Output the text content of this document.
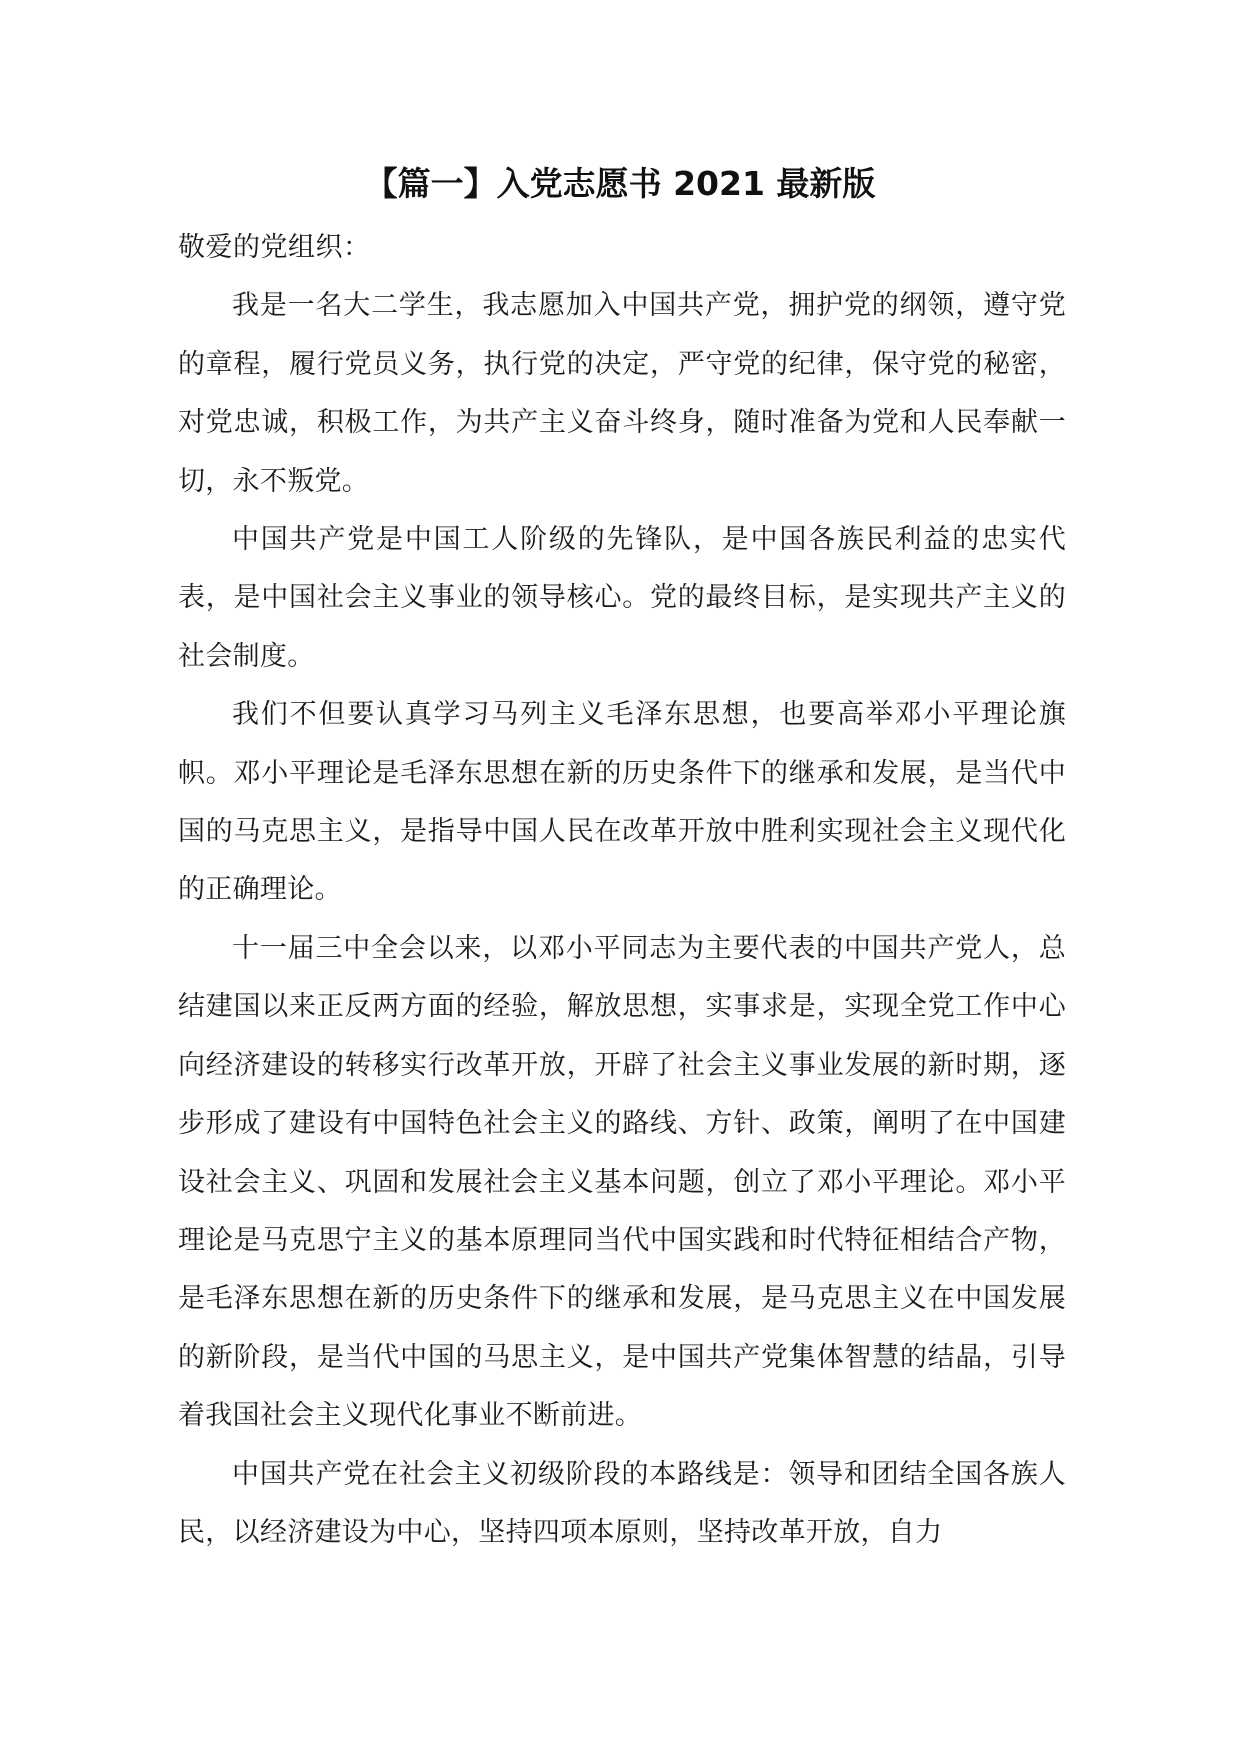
【篇一】入党志愿书 2021 最新版

敬爱的党组织：

我是一名大二学生，我志愿加入中国共产党，拥护党的纲领，遵守党的章程，履行党员义务，执行党的决定，严守党的纪律，保守党的秘密，对党忠诚，积极工作，为共产主义奋斗终身，随时准备为党和人民奉献一切，永不叛党。

中国共产党是中国工人阶级的先锋队，是中国各族民利益的忠实代表，是中国社会主义事业的领导核心。党的最终目标，是实现共产主义的社会制度。

我们不但要认真学习马列主义毛泽东思想，也要高举邓小平理论旗帜。邓小平理论是毛泽东思想在新的历史条件下的继承和发展，是当代中国的马克思主义，是指导中国人民在改革开放中胜利实现社会主义现代化的正确理论。

十一届三中全会以来，以邓小平同志为主要代表的中国共产党人，总结建国以来正反两方面的经验，解放思想，实事求是，实现全党工作中心向经济建设的转移实行改革开放，开辟了社会主义事业发展的新时期，逐步形成了建设有中国特色社会主义的路线、方针、政策，阐明了在中国建设社会主义、巩固和发展社会主义基本问题，创立了邓小平理论。邓小平理论是马克思宁主义的基本原理同当代中国实践和时代特征相结合产物，是毛泽东思想在新的历史条件下的继承和发展，是马克思主义在中国发展的新阶段，是当代中国的马思主义，是中国共产党集体智慧的结晶，引导着我国社会主义现代化事业不断前进。

中国共产党在社会主义初级阶段的本路线是：领导和团结全国各族人民，以经济建设为中心，坚持四项本原则，坚持改革开放，自力
